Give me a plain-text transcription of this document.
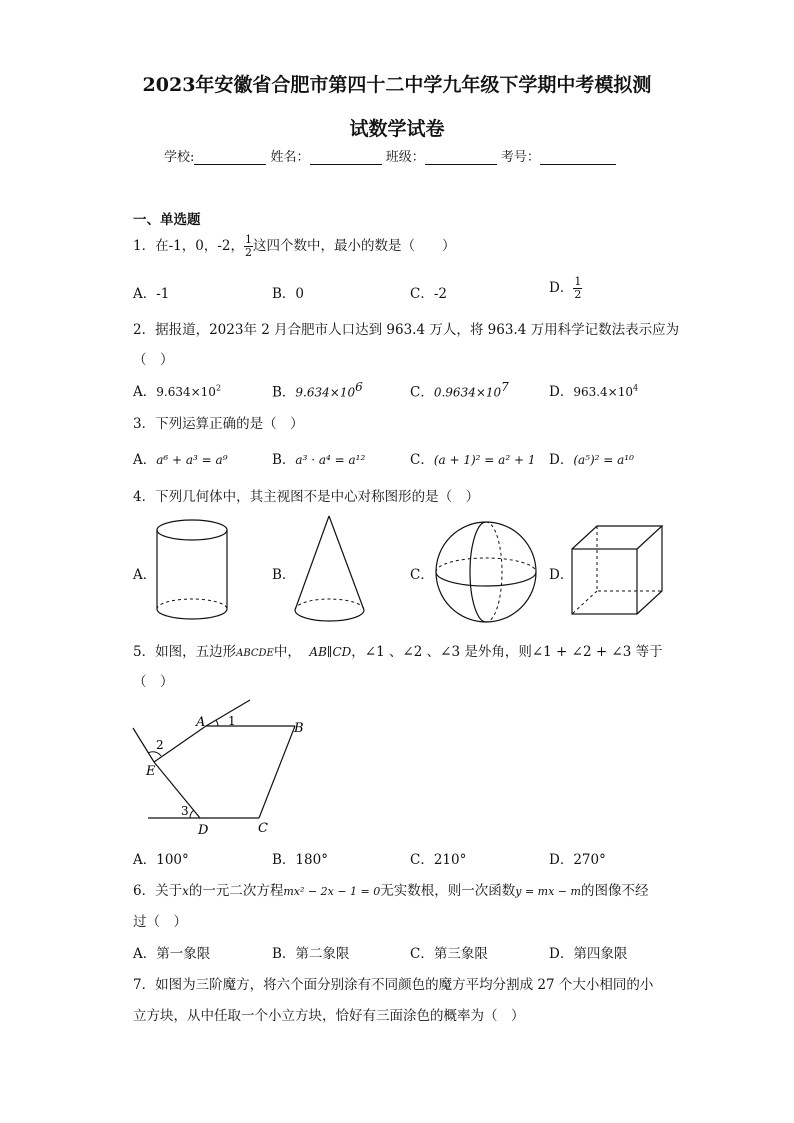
2023年安徽省合肥市第四十二中学九年级下学期中考模拟测
试数学试卷
学校:	姓名：	班级：	考号：
一、单选题
1．在-1，0，-2， $\frac{1}{2}$ 这四个数中，最小的数是（　　）
A．-1	B．0	C．-2	D． $\frac{1}{2}$
2．据报道，2023年 2 月合肥市人口达到 963.4 万人，将 963.4 万用科学记数法表示应为
（　）
A．$9.634\times 10^2$	B．$9.634\times 10^6$	C．$0.9634\times 10^7$	D．$963.4\times 10^4$
3．下列运算正确的是（　）
A．a⁶ + a³ = a⁹	B．a³ · a⁴ = a¹²	C．(a + 1)² = a² + 1 D．(a⁵)² = a¹⁰
4．下列几何体中，其主视图不是中心对称图形的是（　）
A．	B．	C．	D．
5．如图，五边形ABCDE中， AB∥CD，∠1 、∠2 、∠3 是外角，则∠1 + ∠2 + ∠3 等于
（　）
A	B
C
D
E
1
2
3
A．100°	B．180°	C．210°	D．270°
6．关于x的一元二次方程mx² − 2x − 1 = 0无实数根，则一次函数y = mx − m的图像不经
过（　）
A．第一象限	B．第二象限	C．第三象限	D．第四象限
7．如图为三阶魔方，将六个面分别涂有不同颜色的魔方平均分割成 27 个大小相同的小
立方块，从中任取一个小立方块，恰好有三面涂色的概率为（　）
